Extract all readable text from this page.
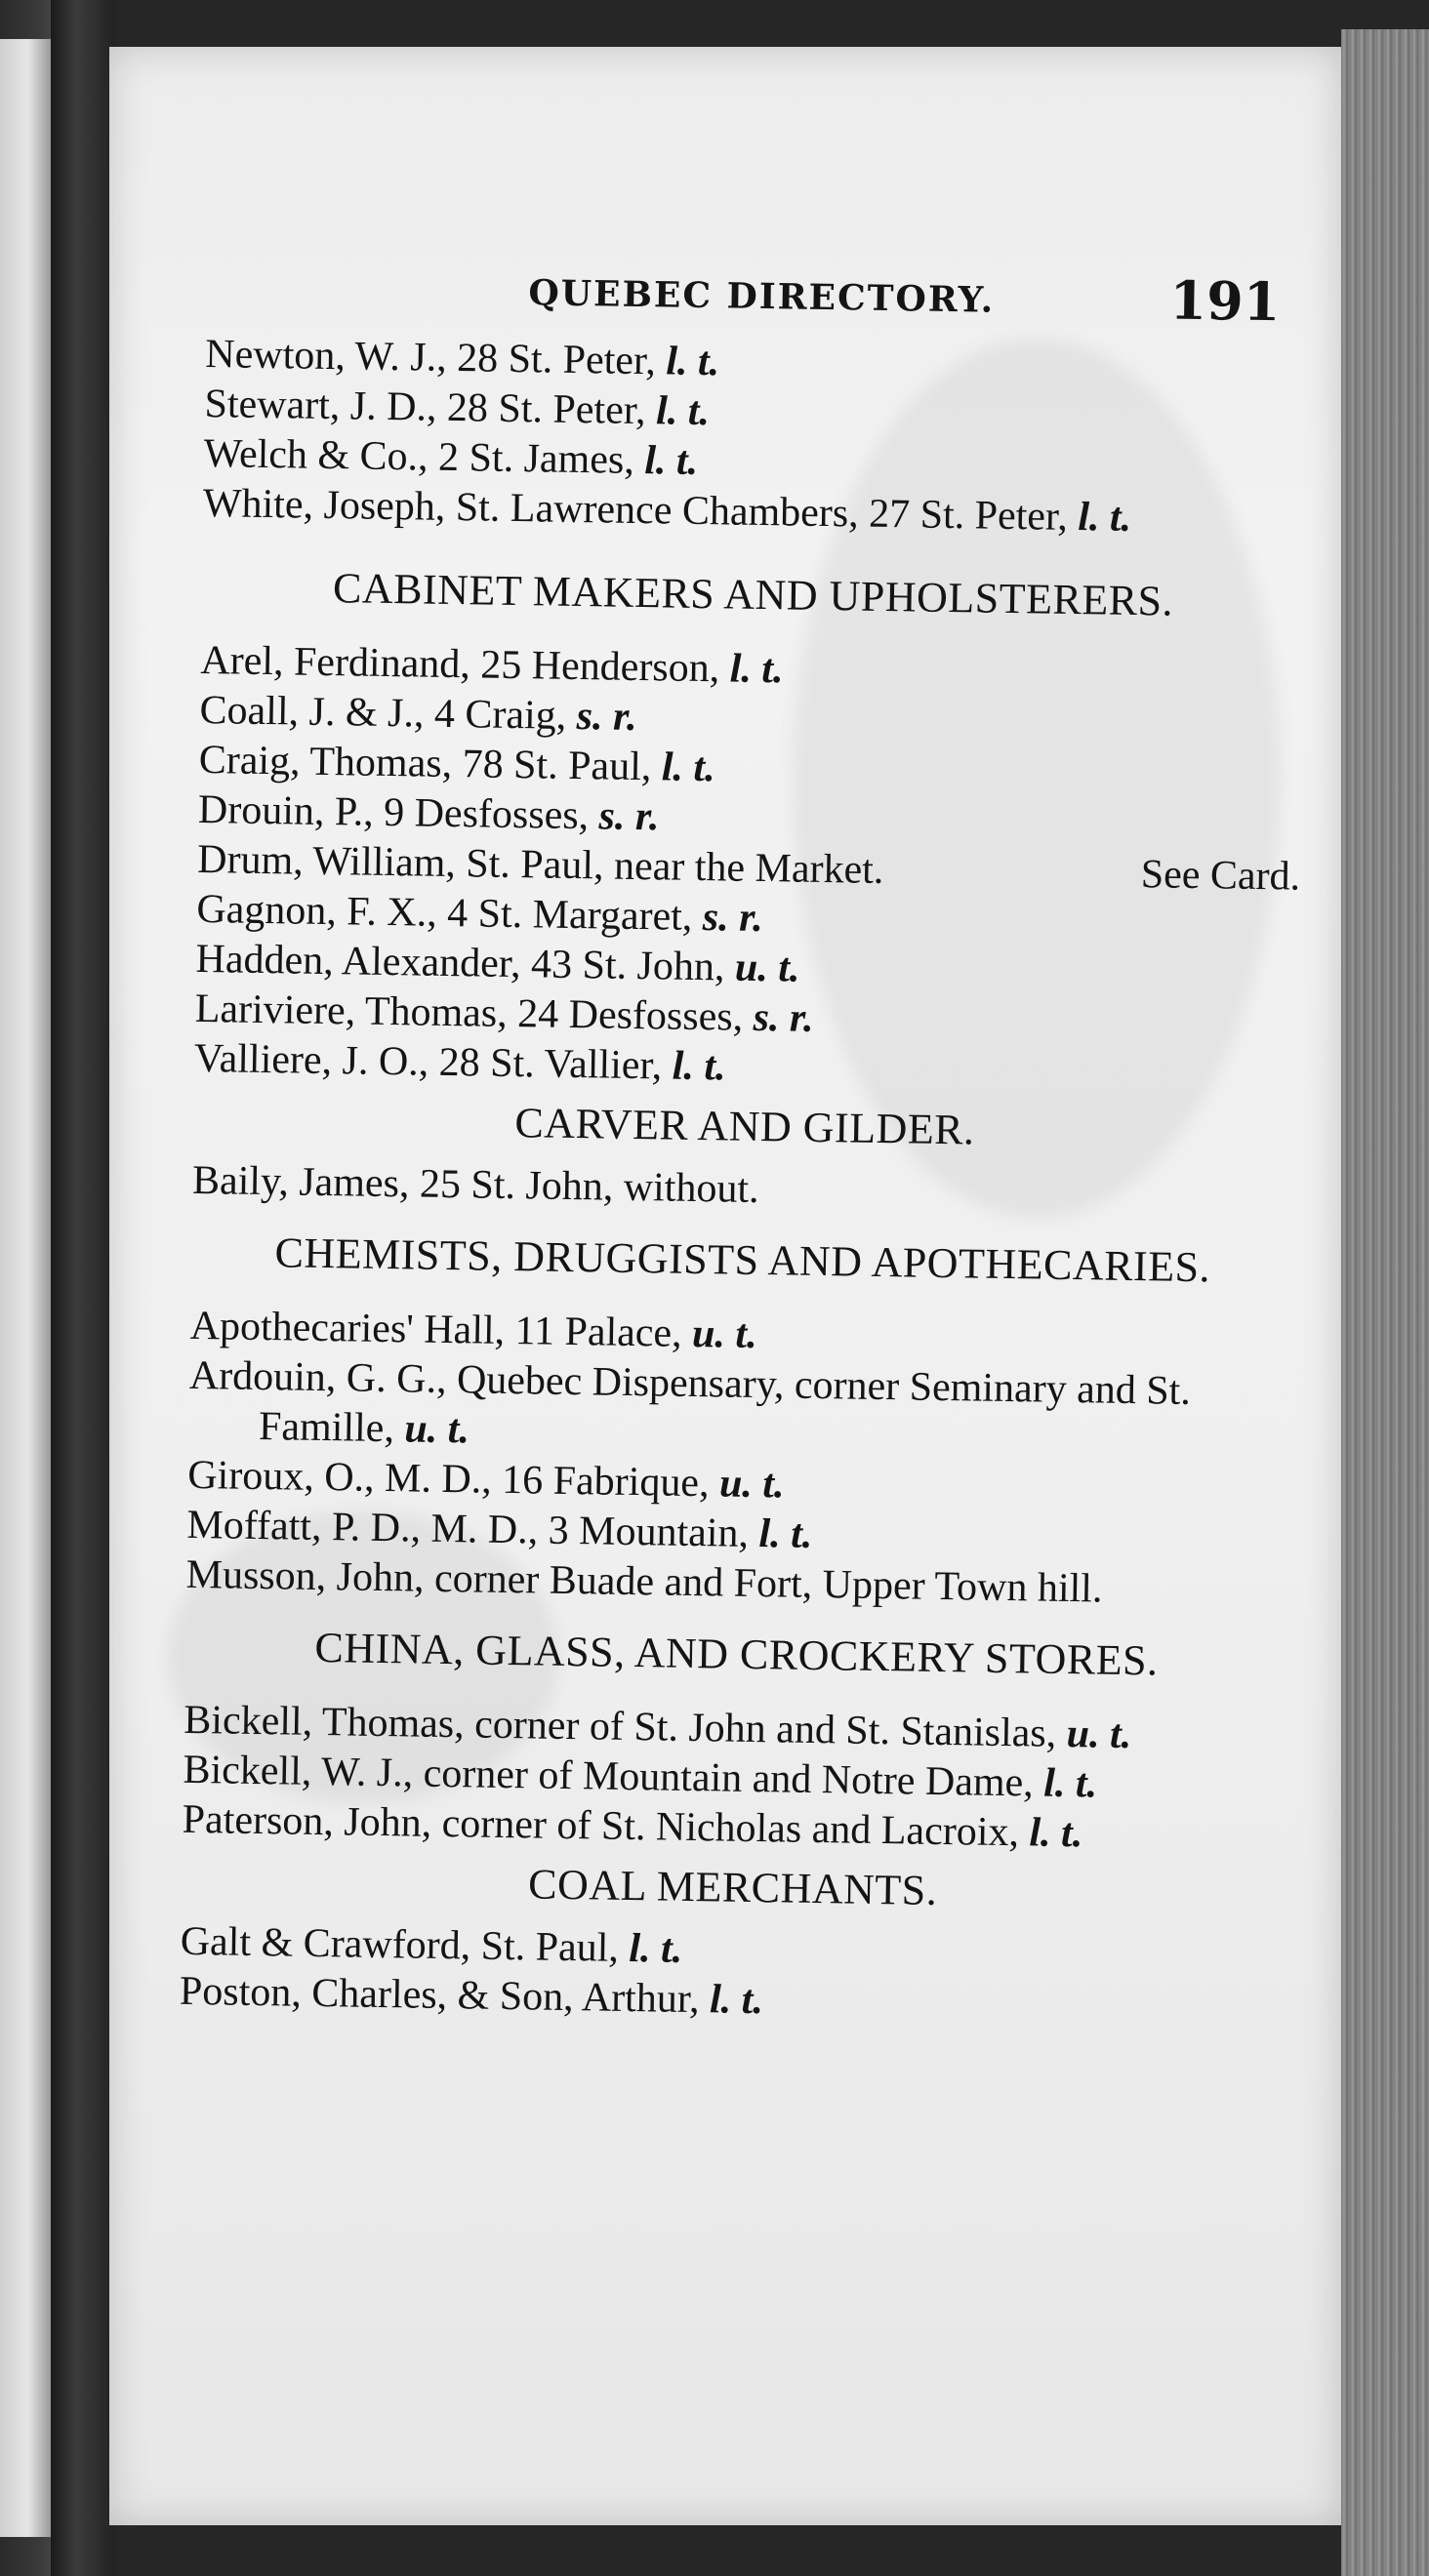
QUEBEC DIRECTORY.	191

Newton, W. J., 28 St. Peter, l. t.

Stewart, J. D., 28 St. Peter, l. t.

Welch & Co., 2 St. James, l. t.

White, Joseph, St. Lawrence Chambers, 27 St. Peter, l. t.

CABINET MAKERS AND UPHOLSTERERS.

Arel, Ferdinand, 25 Henderson, l. t.

Coall, J. & J., 4 Craig, s. r.

Craig, Thomas, 78 St. Paul, l. t.

Drouin, P., 9 Desfosses, s. r.

See Card.
Drum, William, St. Paul, near the Market.

Gagnon, F. X., 4 St. Margaret, s. r.

Hadden, Alexander, 43 St. John, u. t.

Lariviere, Thomas, 24 Desfosses, s. r.

Valliere, J. O., 28 St. Vallier, l. t.

CARVER AND GILDER.

Baily, James, 25 St. John, without.

CHEMISTS, DRUGGISTS AND APOTHECARIES.

Apothecaries' Hall, 11 Palace, u. t.

Ardouin, G. G., Quebec Dispensary, corner Seminary and St. Famille, u. t.

Giroux, O., M. D., 16 Fabrique, u. t.

Moffatt, P. D., M. D., 3 Mountain, l. t.

Musson, John, corner Buade and Fort, Upper Town hill.

CHINA, GLASS, AND CROCKERY STORES.

Bickell, Thomas, corner of St. John and St. Stanislas, u. t.

Bickell, W. J., corner of Mountain and Notre Dame, l. t.

Paterson, John, corner of St. Nicholas and Lacroix, l. t.

COAL MERCHANTS.

Galt & Crawford, St. Paul, l. t.

Poston, Charles, & Son, Arthur, l. t.
